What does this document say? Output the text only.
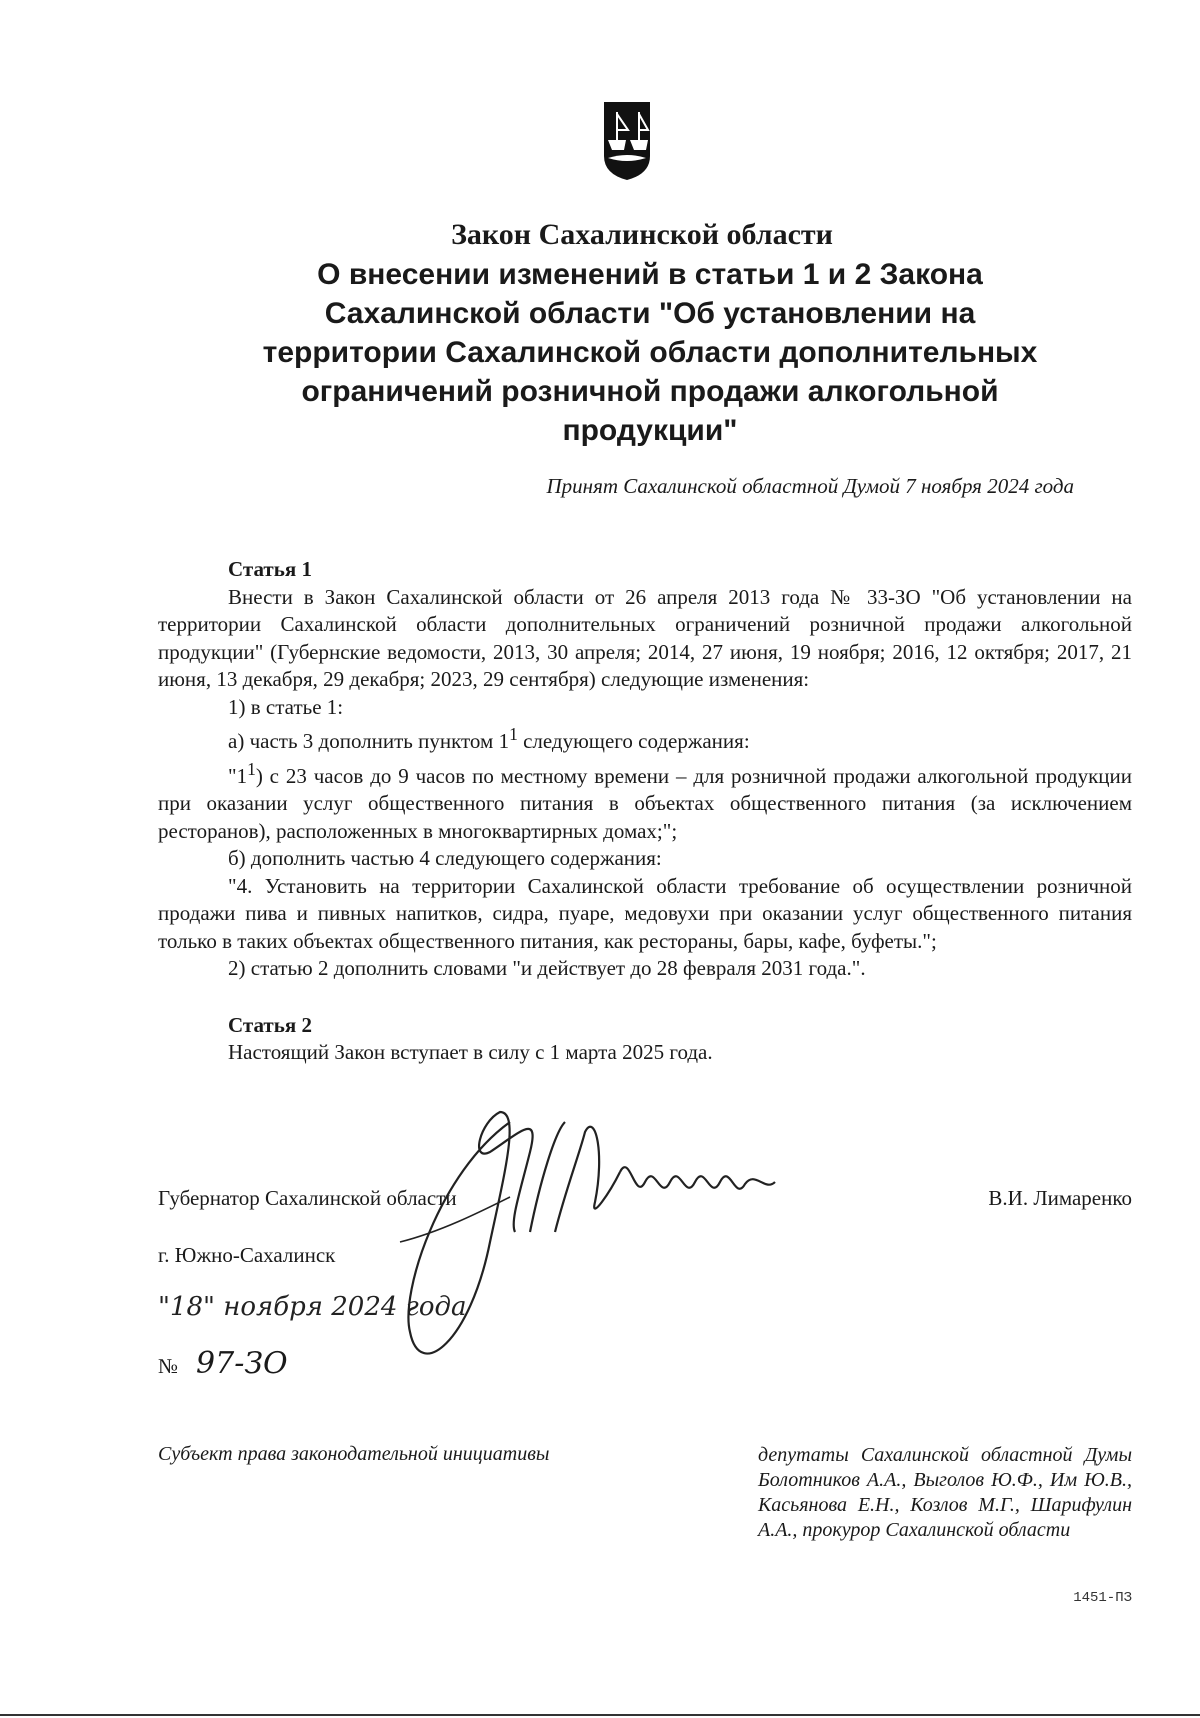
Закон Сахалинской области
О внесении изменений в статьи 1 и 2 Закона
Сахалинской области "Об установлении на
территории Сахалинской области дополнительных
ограничений розничной продажи алкогольной
продукции"
Принят Сахалинской областной Думой 7 ноября 2024 года

Статья 1

Внести в Закон Сахалинской области от 26 апреля 2013 года № 33-ЗО "Об установлении на территории Сахалинской области дополнительных ограничений розничной продажи алкогольной продукции" (Губернские ведомости, 2013, 30 апреля; 2014, 27 июня, 19 ноября; 2016, 12 октября; 2017, 21 июня, 13 декабря, 29 декабря; 2023, 29 сентября) следующие изменения:

1) в статье 1:

а) часть 3 дополнить пунктом $1^1$ следующего содержания:

"$1^1$) с 23 часов до 9 часов по местному времени – для розничной продажи алкогольной продукции при оказании услуг общественного питания в объектах общественного питания (за исключением ресторанов), расположенных в многоквартирных домах;";

б) дополнить частью 4 следующего содержания:

"4. Установить на территории Сахалинской области требование об осуществлении розничной продажи пива и пивных напитков, сидра, пуаре, медовухи при оказании услуг общественного питания только в таких объектах общественного питания, как рестораны, бары, кафе, буфеты.";

2) статью 2 дополнить словами "и действует до 28 февраля 2031 года.".

Статья 2

Настоящий Закон вступает в силу с 1 марта 2025 года.

Губернатор Сахалинской области	В.И. Лимаренко
г. Южно-Сахалинск
"18" ноября 2024 года
№ 97-ЗО
Субъект права законодательной инициативы	депутаты Сахалинской областной Думы Болотников А.А., Выголов Ю.Ф., Им Ю.В., Касьянова Е.Н., Козлов М.Г., Шарифулин А.А., прокурор Сахалинской области
1451-ПЗ
